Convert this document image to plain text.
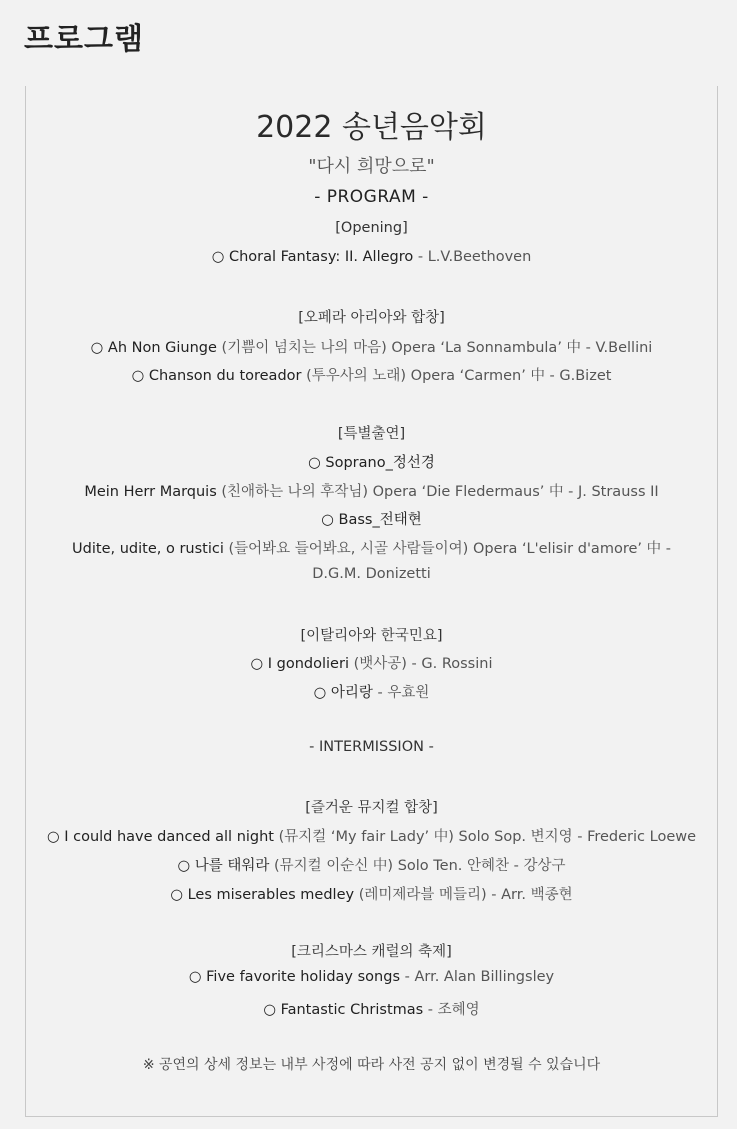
프로그램
2022 송년음악회
"다시 희망으로"
- PROGRAM -
[Opening]
○ Choral Fantasy: II. Allegro - L.V.Beethoven
[오페라 아리아와 합창]
○ Ah Non Giunge (기쁨이 넘치는 나의 마음) Opera ‘La Sonnambula’ 中 - V.Bellini
○ Chanson du toreador (투우사의 노래) Opera ‘Carmen’ 中 - G.Bizet
[특별출연]
○ Soprano_정선경
Mein Herr Marquis (친애하는 나의 후작님) Opera ‘Die Fledermaus’ 中 - J. Strauss II
○ Bass_전태현
Udite, udite, o rustici (들어봐요 들어봐요, 시골 사람들이여) Opera ‘L'elisir d'amore’ 中 -
D.G.M. Donizetti
[이탈리아와 한국민요]
○ I gondolieri (뱃사공) - G. Rossini
○ 아리랑 - 우효원
- INTERMISSION -
[즐거운 뮤지컬 합창]
○ I could have danced all night (뮤지컬 ‘My fair Lady’ 中) Solo Sop. 변지영 - Frederic Loewe
○ 나를 태워라 (뮤지컬 이순신 中) Solo Ten. 안혜찬 - 강상구
○ Les miserables medley (레미제라블 메들리) - Arr. 백종현
[크리스마스 캐럴의 축제]
○ Five favorite holiday songs - Arr. Alan Billingsley
○ Fantastic Christmas - 조혜영
※ 공연의 상세 정보는 내부 사정에 따라 사전 공지 없이 변경될 수 있습니다
